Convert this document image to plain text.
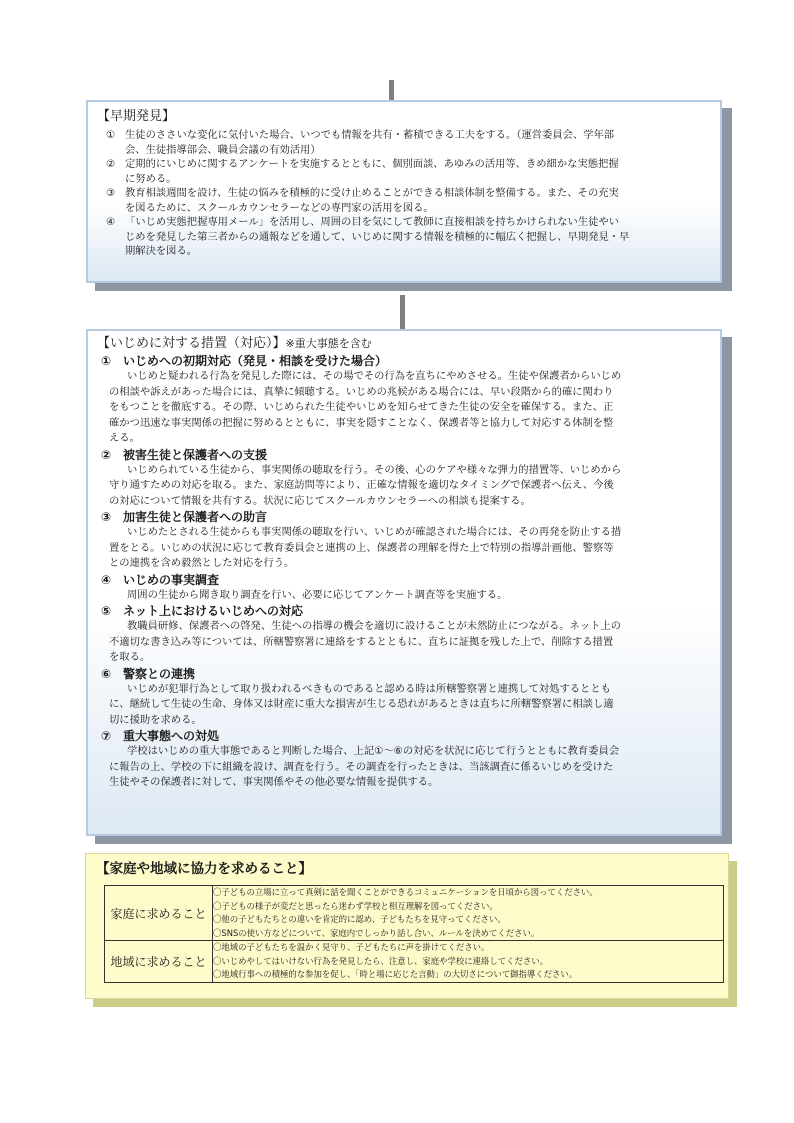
【早期発見】
① 生徒のささいな変化に気付いた場合、いつでも情報を共有・蓄積できる工夫をする。（運営委員会、学年部
会、生徒指導部会、職員会議の有効活用）
② 定期的にいじめに関するアンケートを実施するとともに、個別面談、あゆみの活用等、きめ細かな実態把握
に努める。
③ 教育相談週間を設け、生徒の悩みを積極的に受け止めることができる相談体制を整備する。また、その充実
を図るために、スクールカウンセラーなどの専門家の活用を図る。
④ 「いじめ実態把握専用メール」を活用し、周囲の目を気にして教師に直接相談を持ちかけられない生徒やい
じめを発見した第三者からの通報などを通して、いじめに関する情報を積極的に幅広く把握し、早期発見・早
期解決を図る。
【いじめに対する措置（対応）】※重大事態を含む
① いじめへの初期対応（発見・相談を受けた場合）
いじめと疑われる行為を発見した際には、その場でその行為を直ちにやめさせる。生徒や保護者からいじめ
の相談や訴えがあった場合には、真摯に傾聴する。いじめの兆候がある場合には、早い段階から的確に関わり
をもつことを徹底する。その際、いじめられた生徒やいじめを知らせてきた生徒の安全を確保する。また、正
確かつ迅速な事実関係の把握に努めるとともに、事実を隠すことなく、保護者等と協力して対応する体制を整
える。
② 被害生徒と保護者への支援
いじめられている生徒から、事実関係の聴取を行う。その後、心のケアや様々な弾力的措置等、いじめから
守り通すための対応を取る。また、家庭訪問等により、正確な情報を適切なタイミングで保護者へ伝え、今後
の対応について情報を共有する。状況に応じてスクールカウンセラーへの相談も提案する。
③ 加害生徒と保護者への助言
いじめたとされる生徒からも事実関係の聴取を行い、いじめが確認された場合には、その再発を防止する措
置をとる。いじめの状況に応じて教育委員会と連携の上、保護者の理解を得た上で特別の指導計画他、警察等
との連携を含め毅然とした対応を行う。
④ いじめの事実調査
周囲の生徒から聞き取り調査を行い、必要に応じてアンケート調査等を実施する。
⑤ ネット上におけるいじめへの対応
教職員研修、保護者への啓発、生徒への指導の機会を適切に設けることが未然防止につながる。ネット上の
不適切な書き込み等については、所轄警察署に連絡をするとともに、直ちに証拠を残した上で、削除する措置
を取る。
⑥ 警察との連携
いじめが犯罪行為として取り扱われるべきものであると認める時は所轄警察署と連携して対処するととも
に、継続して生徒の生命、身体又は財産に重大な損害が生じる恐れがあるときは直ちに所轄警察署に相談し適
切に援助を求める。
⑦ 重大事態への対処
学校はいじめの重大事態であると判断した場合、上記①～⑥の対応を状況に応じて行うとともに教育委員会
に報告の上、学校の下に組織を設け、調査を行う。その調査を行ったときは、当該調査に係るいじめを受けた
生徒やその保護者に対して、事実関係やその他必要な情報を提供する。
【家庭や地域に協力を求めること】
家庭に求めること	〇子どもの立場に立って真剣に話を聞くことができるコミュニケーションを日頃から図ってください。
〇子どもの様子が変だと思ったら迷わず学校と相互理解を図ってください。
〇他の子どもたちとの違いを肯定的に認め、子どもたちを見守ってください。
〇SNSの使い方などについて、家庭内でしっかり話し合い、ルールを決めてください。

地域に求めること	〇地域の子どもたちを温かく見守り、子どもたちに声を掛けてください。
〇いじめやしてはいけない行為を発見したら、注意し、家庭や学校に連絡してください。
〇地域行事への積極的な参加を促し、「時と場に応じた言動」の大切さについて御指導ください。
